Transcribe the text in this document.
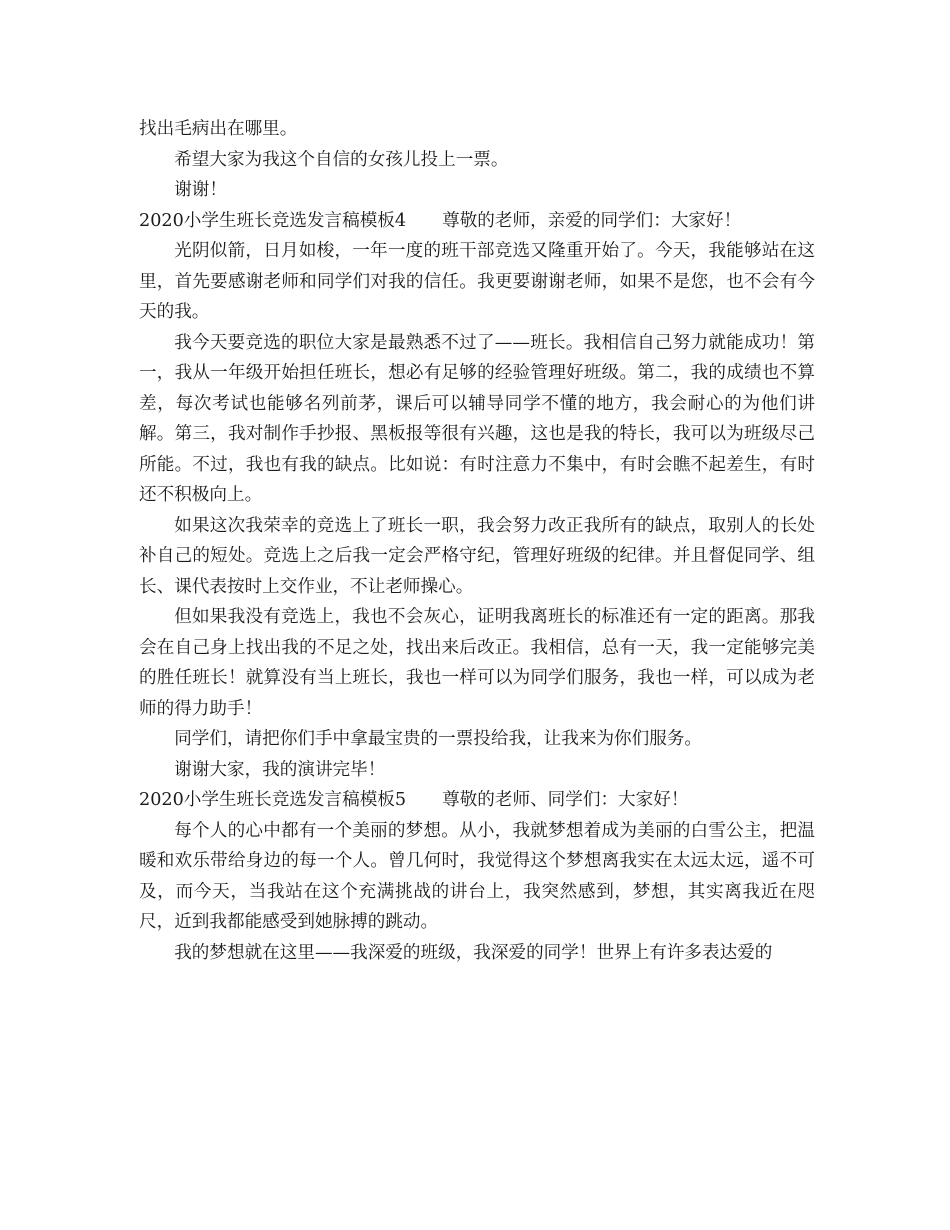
找出毛病出在哪里。

希望大家为我这个自信的女孩儿投上一票。

谢谢！

2020小学生班长竞选发言稿模板4 尊敬的老师，亲爱的同学们：大家好！

光阴似箭，日月如梭，一年一度的班干部竞选又隆重开始了。今天，我能够站在这里，首先要感谢老师和同学们对我的信任。我更要谢谢老师，如果不是您，也不会有今天的我。

我今天要竞选的职位大家是最熟悉不过了——班长。我相信自己努力就能成功！第一，我从一年级开始担任班长，想必有足够的经验管理好班级。第二，我的成绩也不算差，每次考试也能够名列前茅，课后可以辅导同学不懂的地方，我会耐心的为他们讲解。第三，我对制作手抄报、黑板报等很有兴趣，这也是我的特长，我可以为班级尽己所能。不过，我也有我的缺点。比如说：有时注意力不集中，有时会瞧不起差生，有时还不积极向上。

如果这次我荣幸的竞选上了班长一职，我会努力改正我所有的缺点，取别人的长处补自己的短处。竞选上之后我一定会严格守纪，管理好班级的纪律。并且督促同学、组长、课代表按时上交作业，不让老师操心。

但如果我没有竞选上，我也不会灰心，证明我离班长的标准还有一定的距离。那我会在自己身上找出我的不足之处，找出来后改正。我相信，总有一天，我一定能够完美的胜任班长！就算没有当上班长，我也一样可以为同学们服务，我也一样，可以成为老师的得力助手！

同学们，请把你们手中拿最宝贵的一票投给我，让我来为你们服务。

谢谢大家，我的演讲完毕！

2020小学生班长竞选发言稿模板5 尊敬的老师、同学们：大家好！

每个人的心中都有一个美丽的梦想。从小，我就梦想着成为美丽的白雪公主，把温暖和欢乐带给身边的每一个人。曾几何时，我觉得这个梦想离我实在太远太远，遥不可及，而今天，当我站在这个充满挑战的讲台上，我突然感到，梦想，其实离我近在咫尺，近到我都能感受到她脉搏的跳动。

我的梦想就在这里——我深爱的班级，我深爱的同学！世界上有许多表达爱的
